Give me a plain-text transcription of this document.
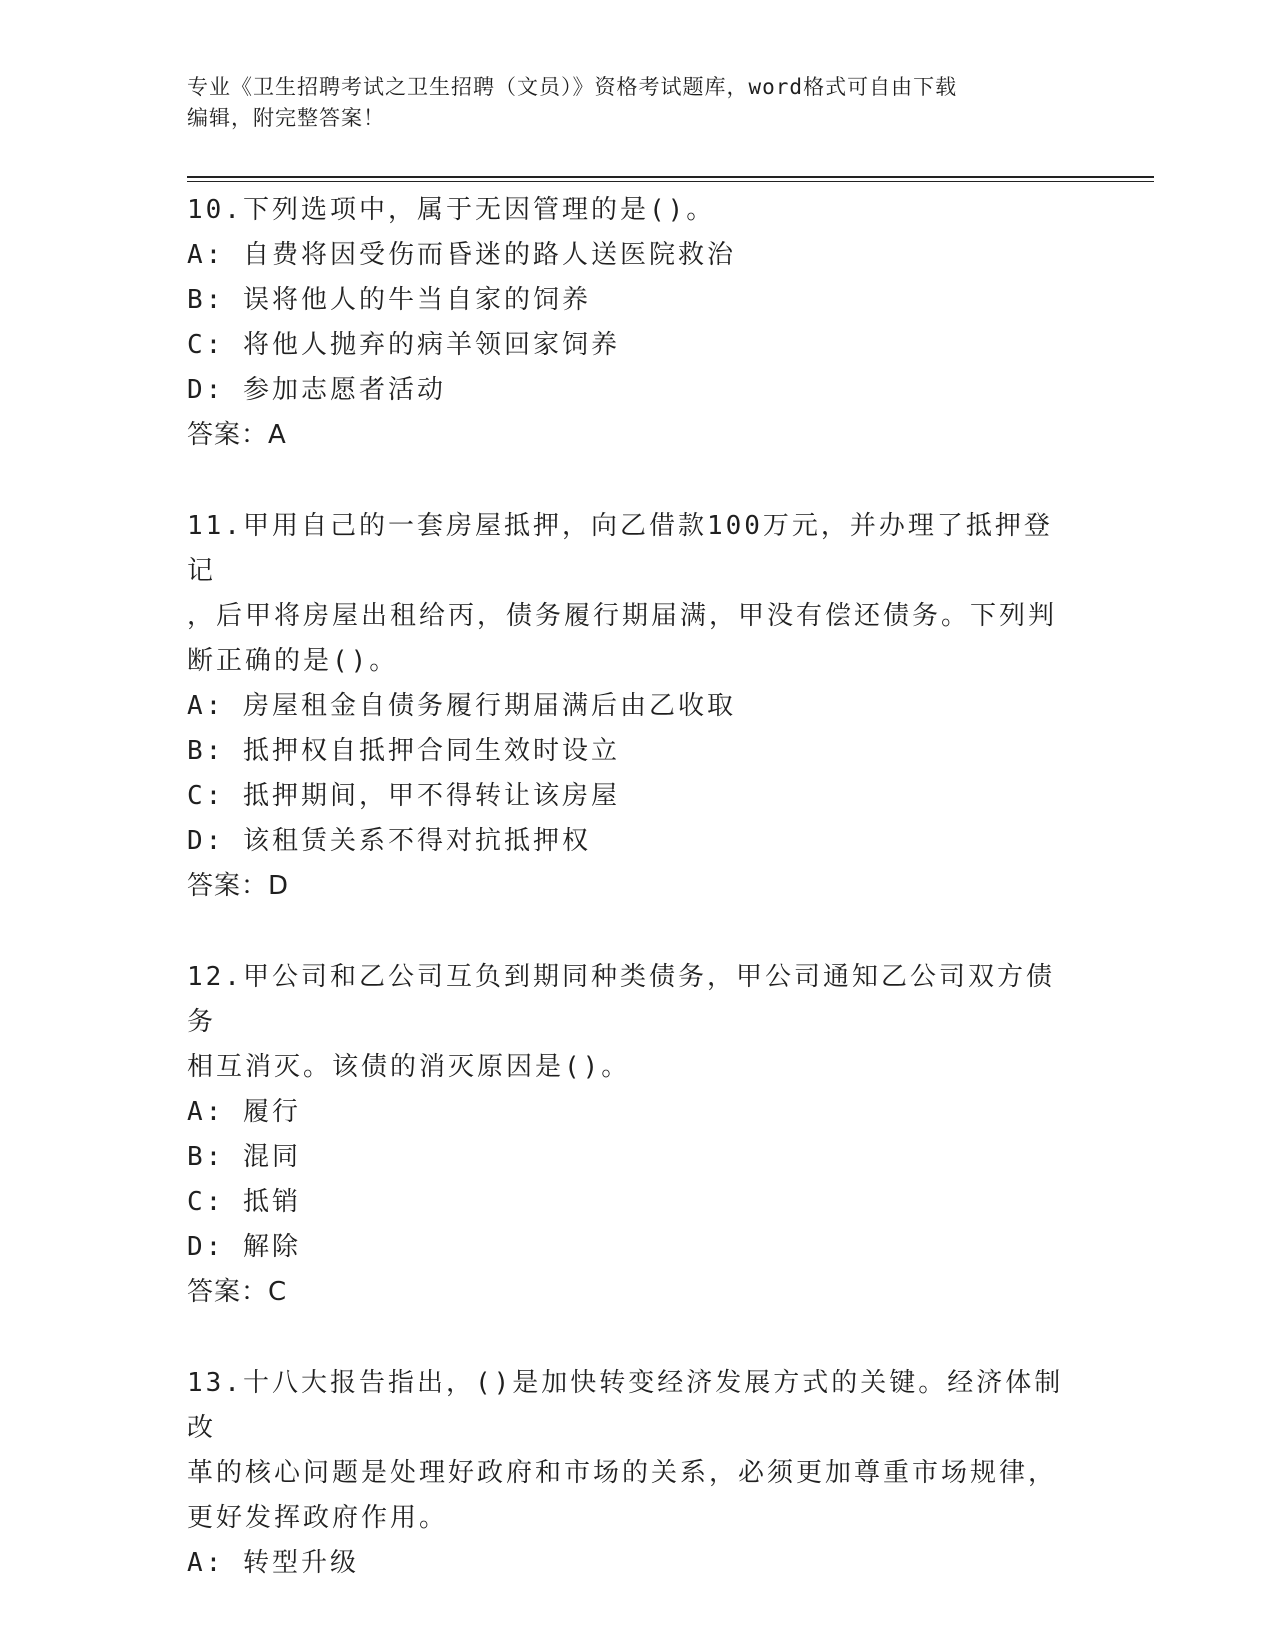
专业《卫生招聘考试之卫生招聘（文员）》资格考试题库，word格式可自由下载
编辑，附完整答案！

10.下列选项中，属于无因管理的是()。

A: 自费将因受伤而昏迷的路人送医院救治

B: 误将他人的牛当自家的饲养

C: 将他人抛弃的病羊领回家饲养

D: 参加志愿者活动

答案：A

11.甲用自己的一套房屋抵押，向乙借款100万元，并办理了抵押登记

，后甲将房屋出租给丙，债务履行期届满，甲没有偿还债务。下列判

断正确的是()。

A: 房屋租金自债务履行期届满后由乙收取

B: 抵押权自抵押合同生效时设立

C: 抵押期间，甲不得转让该房屋

D: 该租赁关系不得对抗抵押权

答案：D

12.甲公司和乙公司互负到期同种类债务，甲公司通知乙公司双方债务

相互消灭。该债的消灭原因是()。

A: 履行

B: 混同

C: 抵销

D: 解除

答案：C

13.十八大报告指出，()是加快转变经济发展方式的关键。经济体制改

革的核心问题是处理好政府和市场的关系，必须更加尊重市场规律，

更好发挥政府作用。

A: 转型升级
